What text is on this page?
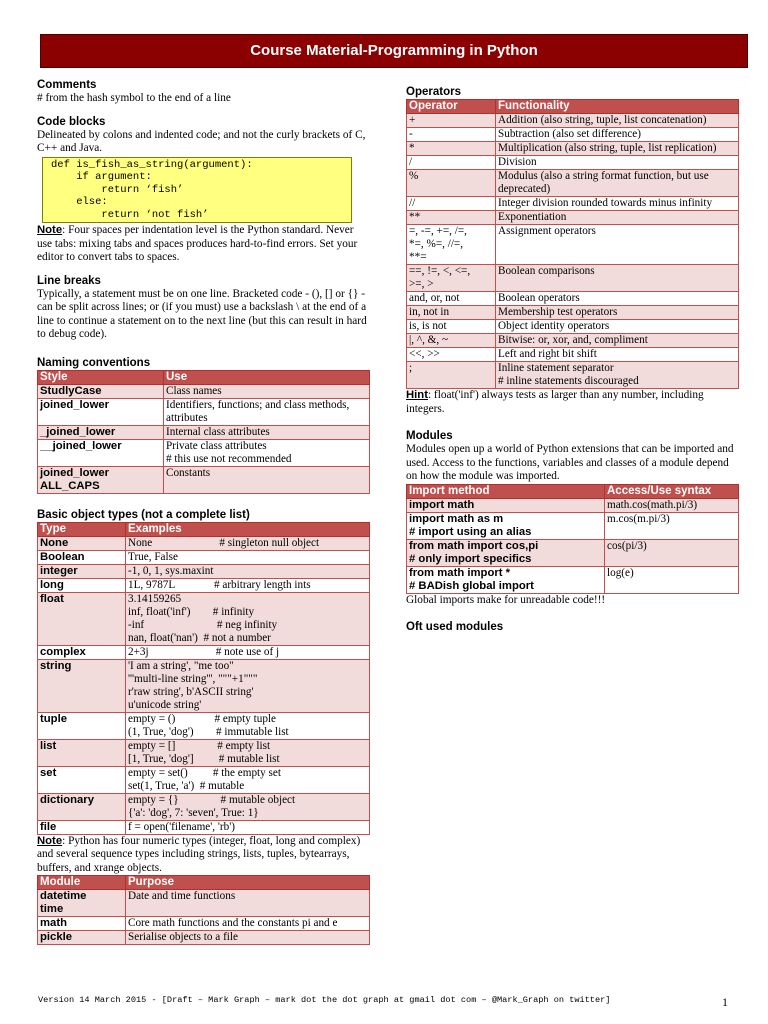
Course Material-Programming in Python
Comments

# from the hash symbol to the end of a line

Code blocks

Delineated by colons and indented code; and not the curly brackets of C, C++ and Java.

def is_fish_as_string(argument):
if argument:
return ‘fish’
else:
return ‘not fish’

Note: Four spaces per indentation level is the Python standard. Never use tabs: mixing tabs and spaces produces hard-to-find errors. Set your editor to convert tabs to spaces.

Line breaks

Typically, a statement must be on one line. Bracketed code - (), [] or {} - can be split across lines; or (if you must) use a backslash \ at the end of a line to continue a statement on to the next line (but this can result in hard to debug code).

Naming conventions
Style	Use
StudlyCase	Class names
joined_lower	Identifiers, functions; and class methods, attributes
_joined_lower	Internal class attributes
__joined_lower	Private class attributes
# this use not recommended
joined_lower
ALL_CAPS	Constants
Basic object types (not a complete list)
Type	Examples
None	None                        # singleton null object
Boolean	True, False
integer	-1, 0, 1, sys.maxint
long	1L, 9787L              # arbitrary length ints
float	3.14159265
inf, float('inf')        # infinity
-inf                          # neg infinity
nan, float('nan')  # not a number
complex	2+3j                        # note use of j
string	'I am a string', "me too"
'''multi-line string''', """+1"""
r'raw string', b'ASCII string'
u'unicode string'
tuple	empty = ()              # empty tuple
(1, True, 'dog')        # immutable list
list	empty = []               # empty list
[1, True, 'dog']         # mutable list
set	empty = set()         # the empty set
set(1, True, 'a')  # mutable
dictionary	empty = {}               # mutable object
{'a': 'dog', 7: 'seven', True: 1}
file	f = open('filename', 'rb')

Note: Python has four numeric types (integer, float, long and complex) and several sequence types including strings, lists, tuples, bytearrays, buffers, and xrange objects.

Module	Purpose
datetime
time	Date and time functions
math	Core math functions and the constants pi and e
pickle	Serialise objects to a file
Operators
Operator	Functionality
+	Addition (also string, tuple, list concatenation)
-	Subtraction (also set difference)
*	Multiplication (also string, tuple, list replication)
/	Division
%	Modulus (also a string format function, but use deprecated)
//	Integer division rounded towards minus infinity
**	Exponentiation
=, -=, +=, /=,
*=, %=, //=,
**=	Assignment operators
==, !=, <, <=,
>=, >	Boolean comparisons
and, or, not	Boolean operators
in, not in	Membership test operators
is, is not	Object identity operators
|, ^, &, ~	Bitwise: or, xor, and, compliment
<<, >>	Left and right bit shift
;	Inline statement separator
# inline statements discouraged

Hint: float('inf') always tests as larger than any number, including integers.

Modules

Modules open up a world of Python extensions that can be imported and used. Access to the functions, variables and classes of a module depend on how the module was imported.

Import method	Access/Use syntax
import math	math.cos(math.pi/3)
import math as m
# import using an alias	m.cos(m.pi/3)
from math import cos,pi
# only import specifics	cos(pi/3)
from math import *
# BADish global import	log(e)

Global imports make for unreadable code!!!

Oft used modules
Version 14 March 2015 - [Draft – Mark Graph – mark dot the dot graph at gmail dot com – @Mark_Graph on twitter]	1
